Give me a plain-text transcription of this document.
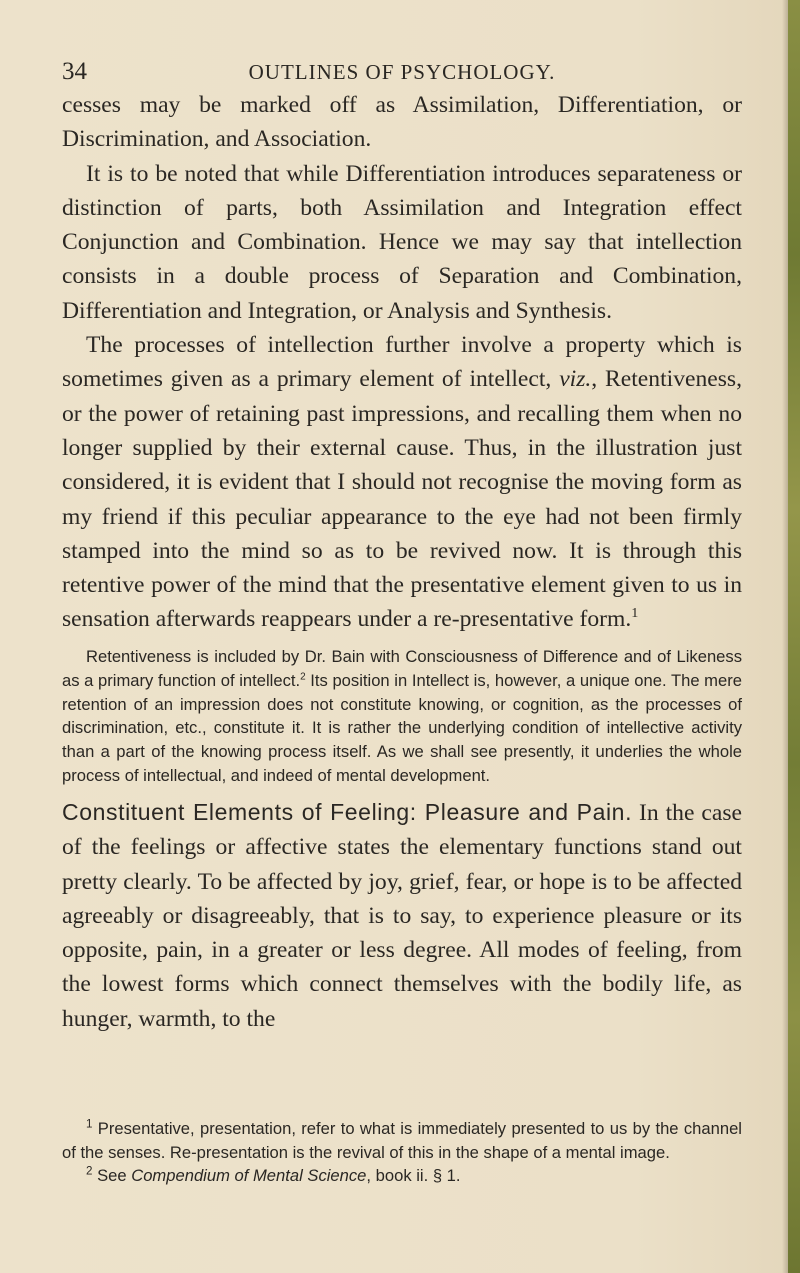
34	OUTLINES OF PSYCHOLOGY.

cesses may be marked off as Assimilation, Differentiation, or Discrimination, and Association.

It is to be noted that while Differentiation introduces separateness or distinction of parts, both Assimilation and Integration effect Conjunction and Combination. Hence we may say that intellection consists in a double process of Separation and Combination, Differentiation and Integration, or Analysis and Synthesis.

The processes of intellection further involve a property which is sometimes given as a primary element of intellect, viz., Retentiveness, or the power of retaining past impressions, and recalling them when no longer supplied by their external cause. Thus, in the illustration just considered, it is evident that I should not recognise the moving form as my friend if this peculiar appearance to the eye had not been firmly stamped into the mind so as to be revived now. It is through this retentive power of the mind that the presentative element given to us in sensation afterwards reappears under a re-presentative form.$^1$

Retentiveness is included by Dr. Bain with Consciousness of Difference and of Likeness as a primary function of intellect.$^2$ Its position in Intellect is, however, a unique one. The mere retention of an impression does not constitute knowing, or cognition, as the processes of discrimination, etc., constitute it. It is rather the underlying condition of intellective activity than a part of the knowing process itself. As we shall see presently, it underlies the whole process of intellectual, and indeed of mental development.
Constituent Elements of Feeling: Pleasure and Pain. In the case of the feelings or affective states the elementary functions stand out pretty clearly. To be affected by joy, grief, fear, or hope is to be affected agreeably or disagreeably, that is to say, to experience pleasure or its opposite, pain, in a greater or less degree. All modes of feeling, from the lowest forms which connect themselves with the bodily life, as hunger, warmth, to the

$^1$ Presentative, presentation, refer to what is immediately presented to us by the channel of the senses. Re-presentation is the revival of this in the shape of a mental image.

$^2$ See Compendium of Mental Science, book ii. § 1.
